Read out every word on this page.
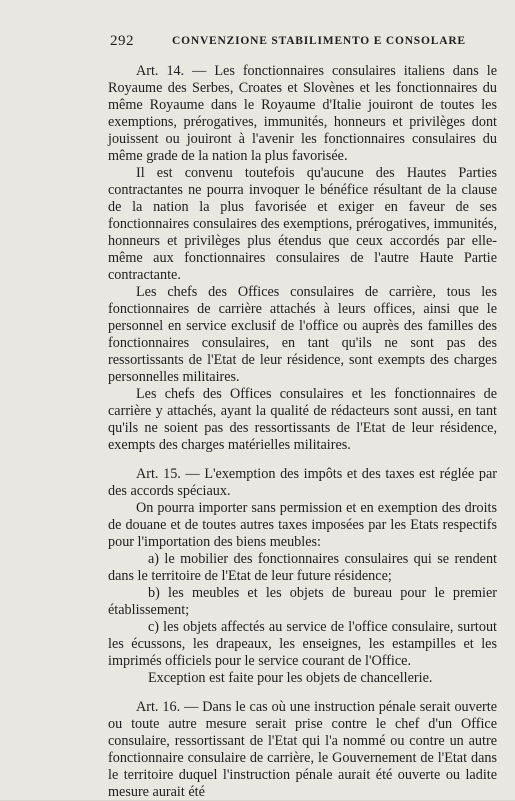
292	CONVENZIONE STABILIMENTO E CONSOLARE

Art. 14. — Les fonctionnaires consulaires italiens dans le Royaume des Serbes, Croates et Slovènes et les fonctionnaires du même Royaume dans le Royaume d'Italie jouiront de toutes les exemptions, prérogatives, immunités, honneurs et privilèges dont jouissent ou jouiront à l'avenir les fonctionnaires consulaires du même grade de la nation la plus favorisée.

Il est convenu toutefois qu'aucune des Hautes Parties contractantes ne pourra invoquer le bénéfice résultant de la clause de la nation la plus favorisée et exiger en faveur de ses fonctionnaires consulaires des exemptions, prérogatives, immunités, honneurs et privilèges plus étendus que ceux accordés par elle-même aux fonctionnaires consulaires de l'autre Haute Partie contractante.

Les chefs des Offices consulaires de carrière, tous les fonctionnaires de carrière attachés à leurs offices, ainsi que le personnel en service exclusif de l'office ou auprès des familles des fonctionnaires consulaires, en tant qu'ils ne sont pas des ressortissants de l'Etat de leur résidence, sont exempts des charges personnelles militaires.

Les chefs des Offices consulaires et les fonctionnaires de carrière y attachés, ayant la qualité de rédacteurs sont aussi, en tant qu'ils ne soient pas des ressortissants de l'Etat de leur résidence, exempts des charges matérielles militaires.

Art. 15. — L'exemption des impôts et des taxes est réglée par des accords spéciaux.

On pourra importer sans permission et en exemption des droits de douane et de toutes autres taxes imposées par les Etats respectifs pour l'importation des biens meubles:

a) le mobilier des fonctionnaires consulaires qui se rendent dans le territoire de l'Etat de leur future résidence;

b) les meubles et les objets de bureau pour le premier établissement;

c) les objets affectés au service de l'office consulaire, surtout les écussons, les drapeaux, les enseignes, les estampilles et les imprimés officiels pour le service courant de l'Office.

Exception est faite pour les objets de chancellerie.

Art. 16. — Dans le cas où une instruction pénale serait ouverte ou toute autre mesure serait prise contre le chef d'un Office consulaire, ressortissant de l'Etat qui l'a nommé ou contre un autre fonctionnaire consulaire de carrière, le Gouvernement de l'Etat dans le territoire duquel l'instruction pénale aurait été ouverte ou ladite mesure aurait été
